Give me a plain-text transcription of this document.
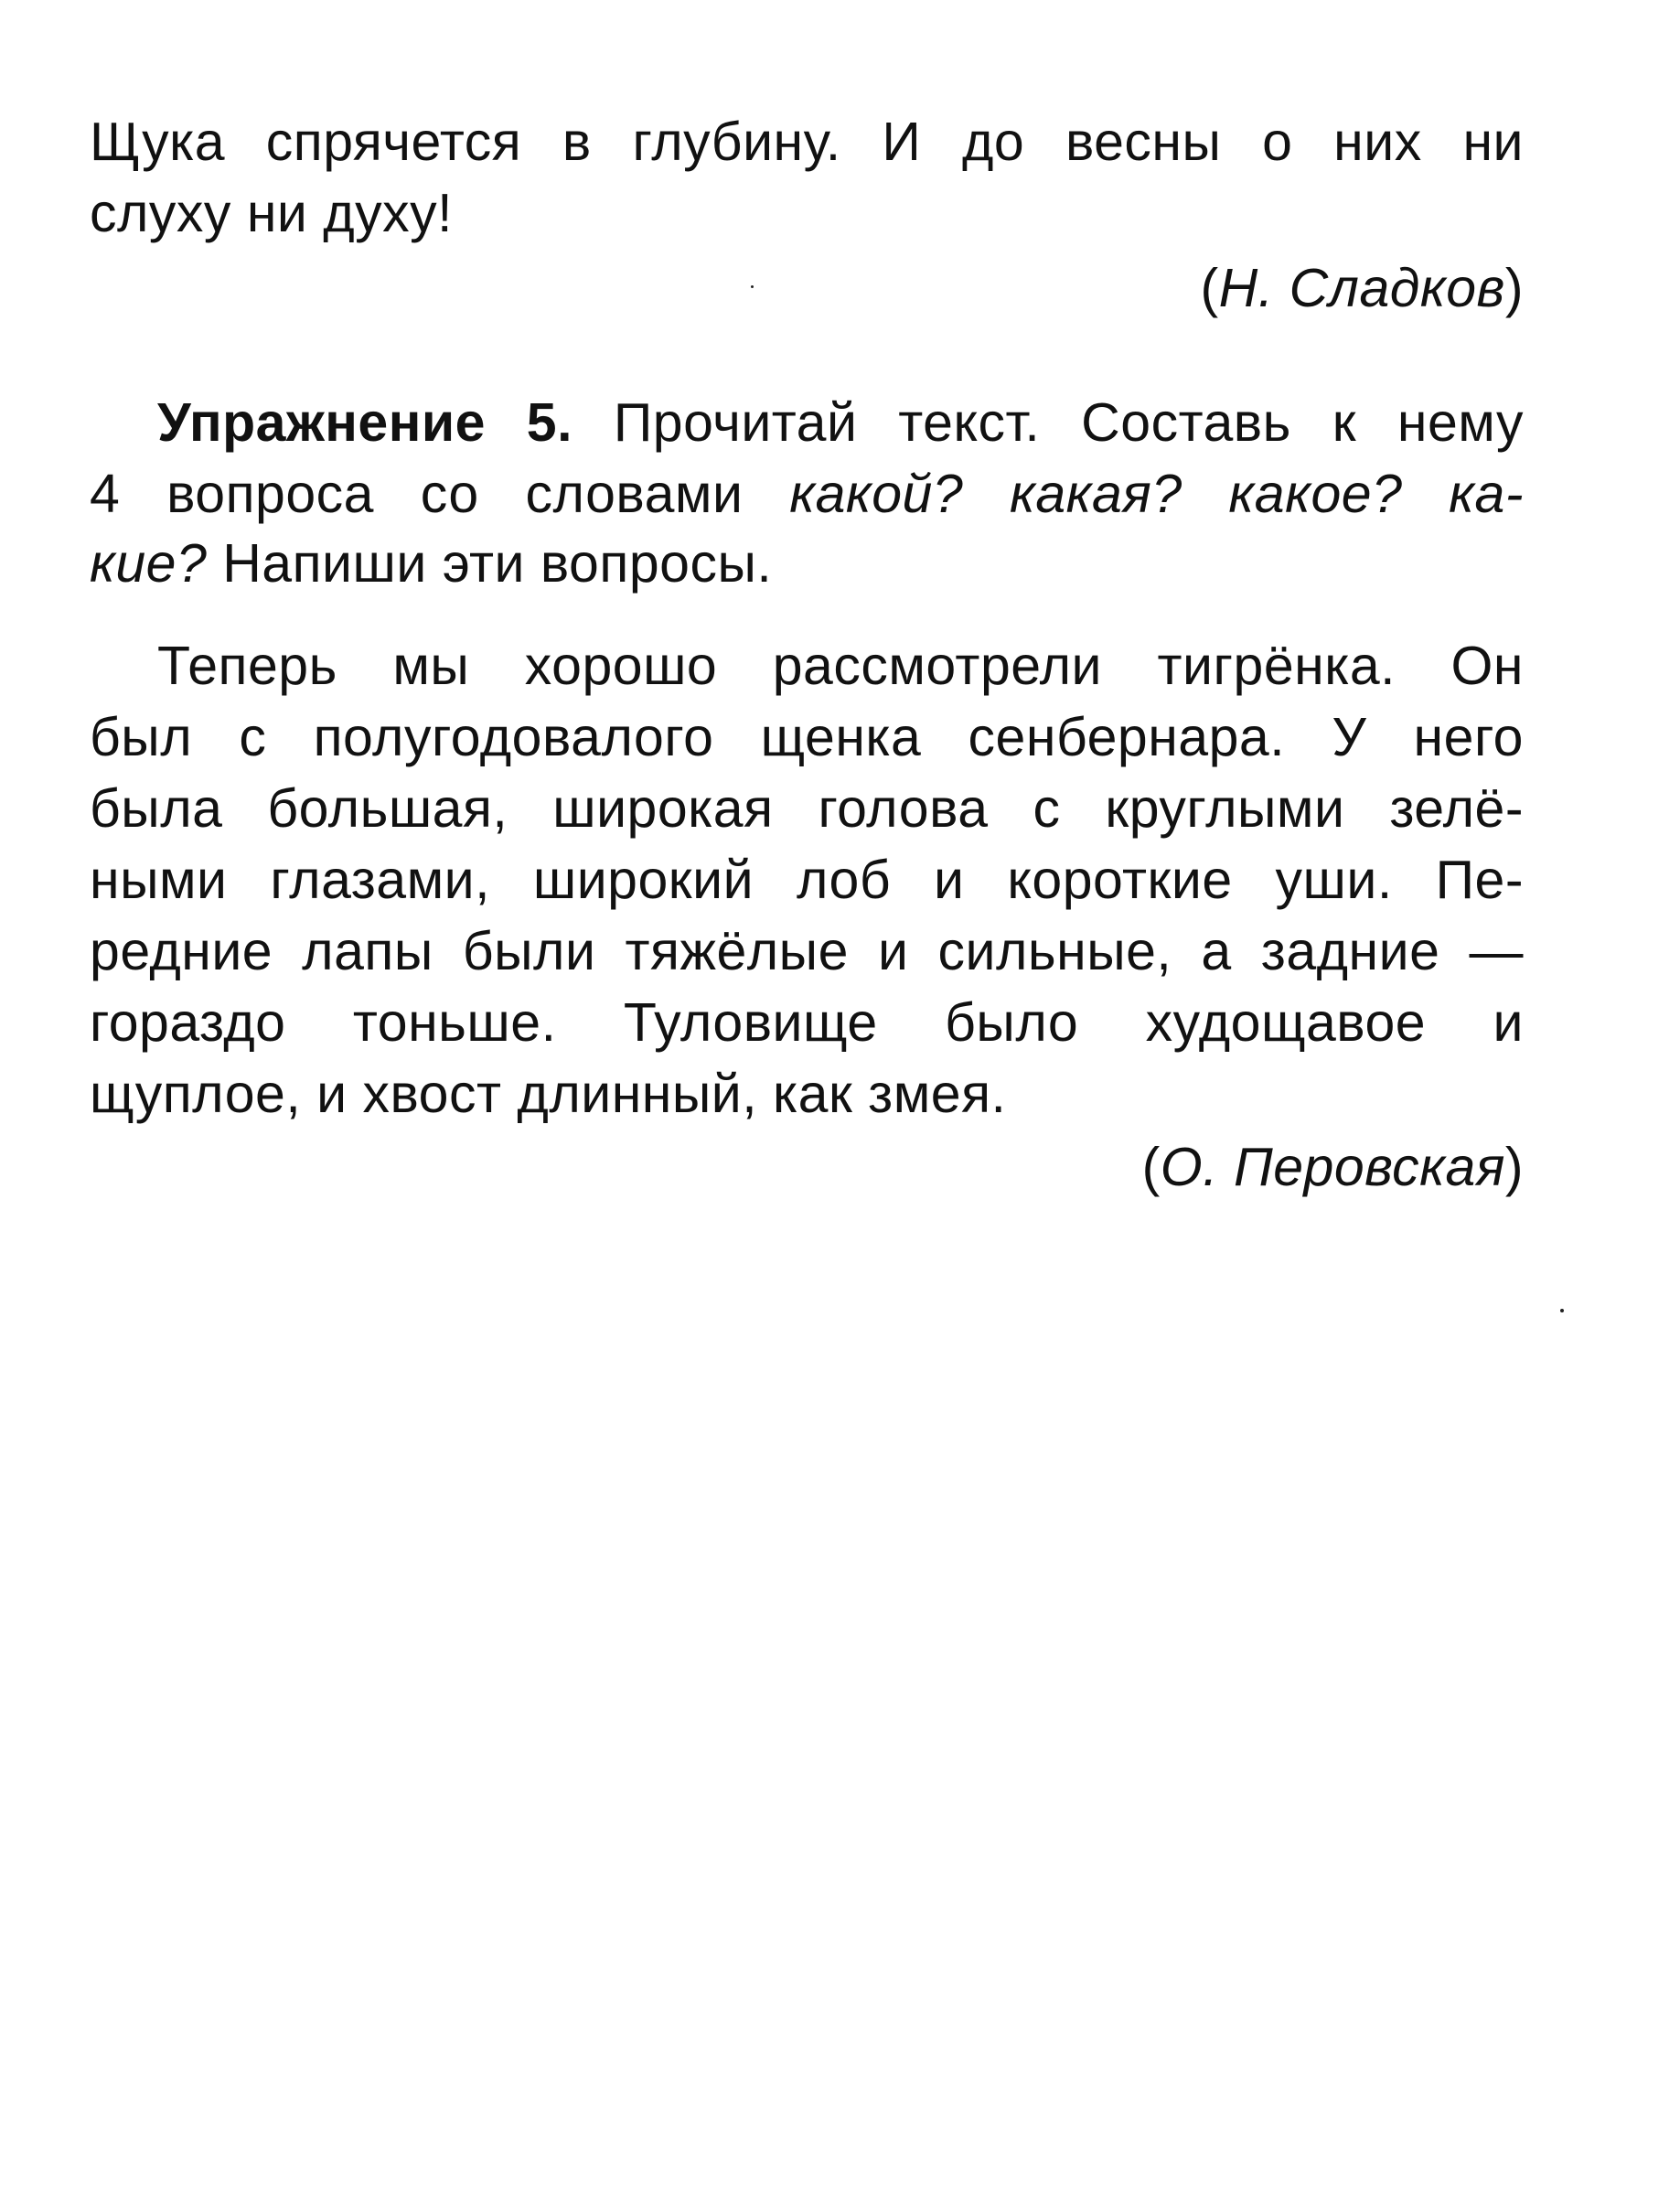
Щука спрячется в глубину. И до весны о них ни
слуху ни духу!
(Н. Сладков)
Упражнение 5. Прочитай текст. Составь к нему
4 вопроса со словами какой? какая? какое? ка-
кие? Напиши эти вопросы.
Теперь мы хорошо рассмотрели тигрёнка. Он
был с полугодовалого щенка сенбернара. У него
была большая, широкая голова с круглыми зелё-
ными глазами, широкий лоб и короткие уши. Пе-
редние лапы были тяжёлые и сильные, а задние —
гораздо тоньше. Туловище было худощавое и
щуплое, и хвост длинный, как змея.
(О. Перовская)
